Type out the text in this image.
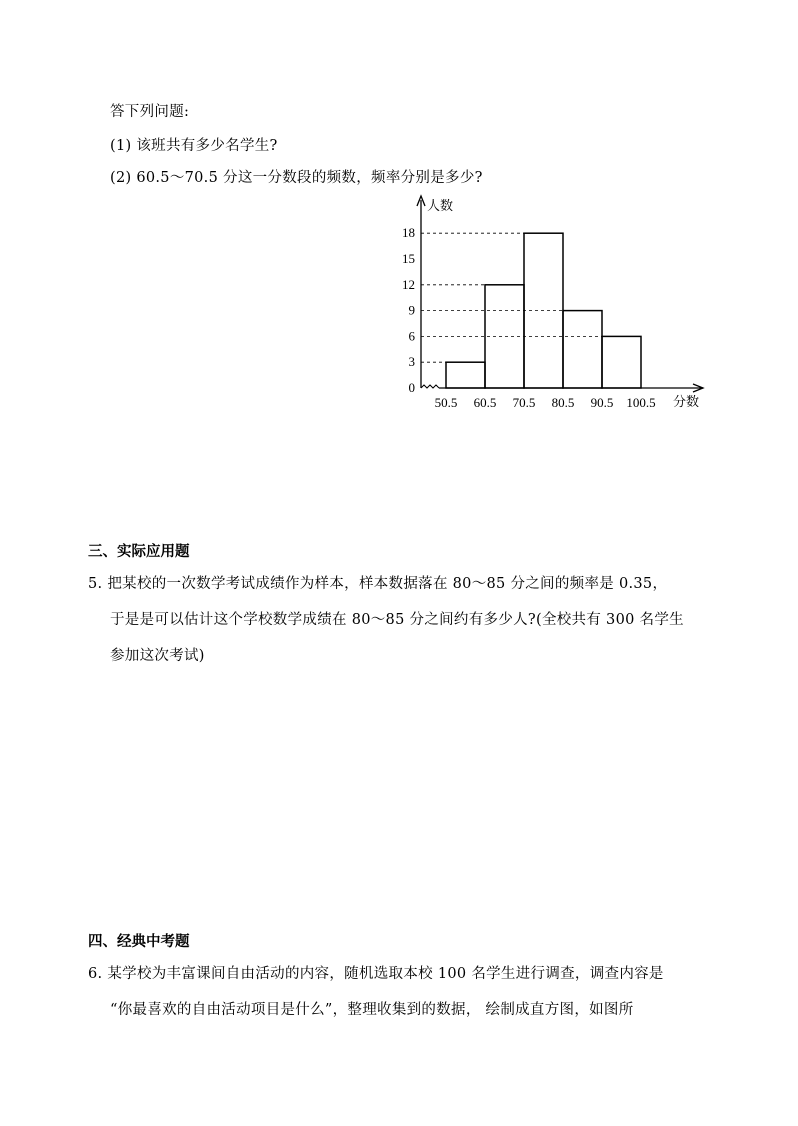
答下列问题:
(1) 该班共有多少名学生?
(2) 60.5～70.5 分这一分数段的频数，频率分别是多少?
0
3
6
9
12
15
18
50.5 60.5 70.5 80.5 90.5 100.5
人数
分数
三、实际应用题
5. 把某校的一次数学考试成绩作为样本，样本数据落在 80～85 分之间的频率是 0.35，
于是是可以估计这个学校数学成绩在 80～85 分之间约有多少人?(全校共有 300 名学生
参加这次考试)
四、经典中考题
6. 某学校为丰富课间自由活动的内容，随机选取本校 100 名学生进行调查，调查内容是
“你最喜欢的自由活动项目是什么”，整理收集到的数据， 绘制成直方图，如图所
